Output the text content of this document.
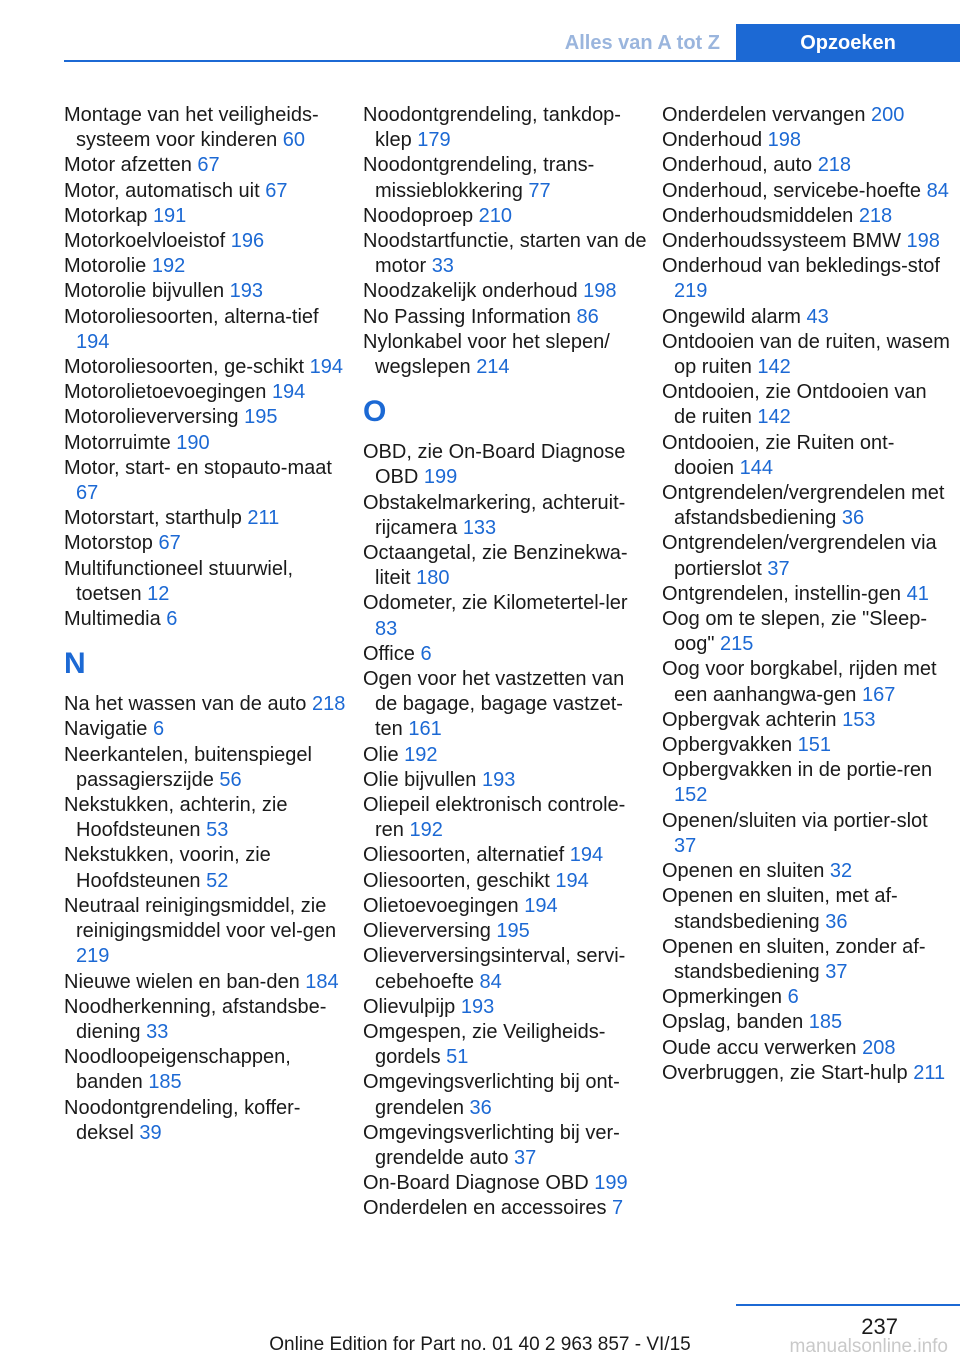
Alles van A tot Z	Opzoeken

Montage van het veiligheids-systeem voor kinderen 60

Motor afzetten 67

Motor, automatisch uit 67

Motorkap 191

Motorkoelvloeistof 196

Motorolie 192

Motorolie bijvullen 193

Motoroliesoorten, alterna-tief 194

Motoroliesoorten, ge-schikt 194

Motorolietoevoegingen 194

Motorolieverversing 195

Motorruimte 190

Motor, start- en stopauto-maat 67

Motorstart, starthulp 211

Motorstop 67

Multifunctioneel stuurwiel, toetsen 12

Multimedia 6

N

Na het wassen van de auto 218

Navigatie 6

Neerkantelen, buitenspiegel passagierszijde 56

Nekstukken, achterin, zie Hoofdsteunen 53

Nekstukken, voorin, zie Hoofdsteunen 52

Neutraal reinigingsmiddel, zie reinigingsmiddel voor vel-gen 219

Nieuwe wielen en ban-den 184

Noodherkenning, afstandsbe-diening 33

Noodloopeigenschappen, banden 185

Noodontgrendeling, koffer-deksel 39

Noodontgrendeling, tankdop-klep 179

Noodontgrendeling, trans-missieblokkering 77

Noodoproep 210

Noodstartfunctie, starten van de motor 33

Noodzakelijk onderhoud 198

No Passing Information 86

Nylonkabel voor het slepen/ wegslepen 214

O

OBD, zie On-Board Diagnose OBD 199

Obstakelmarkering, achteruit-rijcamera 133

Octaangetal, zie Benzinekwa-liteit 180

Odometer, zie Kilometertel-ler 83

Office 6

Ogen voor het vastzetten van de bagage, bagage vastzet-ten 161

Olie 192

Olie bijvullen 193

Oliepeil elektronisch controle-ren 192

Oliesoorten, alternatief 194

Oliesoorten, geschikt 194

Olietoevoegingen 194

Olieverversing 195

Olieverversingsinterval, servi-cebehoefte 84

Olievulpijp 193

Omgespen, zie Veiligheids-gordels 51

Omgevingsverlichting bij ont-grendelen 36

Omgevingsverlichting bij ver-grendelde auto 37

On-Board Diagnose OBD 199

Onderdelen en accessoires 7

Onderdelen vervangen 200

Onderhoud 198

Onderhoud, auto 218

Onderhoud, servicebe-hoefte 84

Onderhoudsmiddelen 218

Onderhoudssysteem BMW 198

Onderhoud van bekledings-stof 219

Ongewild alarm 43

Ontdooien van de ruiten, wasem op ruiten 142

Ontdooien, zie Ontdooien van de ruiten 142

Ontdooien, zie Ruiten ont-dooien 144

Ontgrendelen/vergrendelen met afstandsbediening 36

Ontgrendelen/vergrendelen via portierslot 37

Ontgrendelen, instellin-gen 41

Oog om te slepen, zie "Sleep-oog" 215

Oog voor borgkabel, rijden met een aanhangwa-gen 167

Opbergvak achterin 153

Opbergvakken 151

Opbergvakken in de portie-ren 152

Openen/sluiten via portier-slot 37

Openen en sluiten 32

Openen en sluiten, met af-standsbediening 36

Openen en sluiten, zonder af-standsbediening 37

Opmerkingen 6

Opslag, banden 185

Oude accu verwerken 208

Overbruggen, zie Start-hulp 211

237
Online Edition for Part no. 01 40 2 963 857 - VI/15	manualsonline.info
